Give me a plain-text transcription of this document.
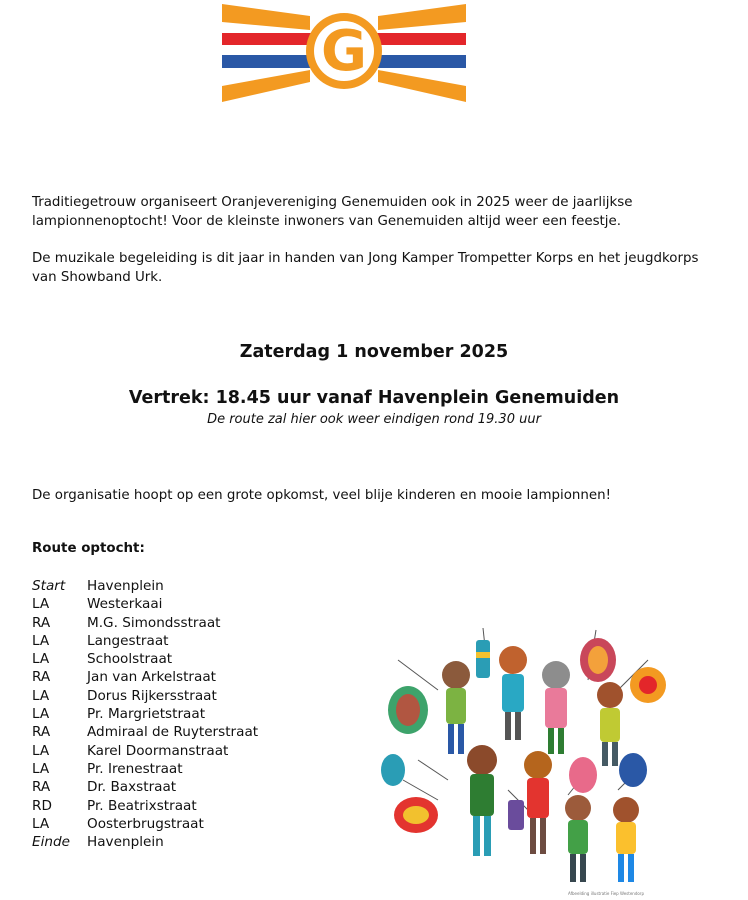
G

Traditiegetrouw organiseert Oranjevereniging Genemuiden ook in 2025 weer de jaarlijkse lampionnenoptocht! Voor de kleinste inwoners van Genemuiden altijd weer een feestje.

De muzikale begeleiding is dit jaar in handen van Jong Kamper Trompetter Korps en het jeugdkorps van Showband Urk.

Zaterdag 1 november 2025

Vertrek: 18.45 uur vanaf Havenplein Genemuiden

De route zal hier ook weer eindigen rond 19.30 uur

De organisatie hoopt op een grote opkomst, veel blije kinderen en mooie lampionnen!

Route optocht:

Start Havenplein
LA	Westerkaai
RA	M.G. Simondsstraat
LA	Langestraat
LA	Schoolstraat
RA	Jan van Arkelstraat
LA	Dorus Rijkersstraat
LA	Pr. Margrietstraat
RA	Admiraal de Ruyterstraat
LA	Karel Doormanstraat
LA	Pr. Irenestraat
RA	Dr. Baxstraat
RD	Pr. Beatrixstraat
LA	Oosterbrugstraat
Einde Havenplein
Afbeelding illustratie Fiep Westendorp
